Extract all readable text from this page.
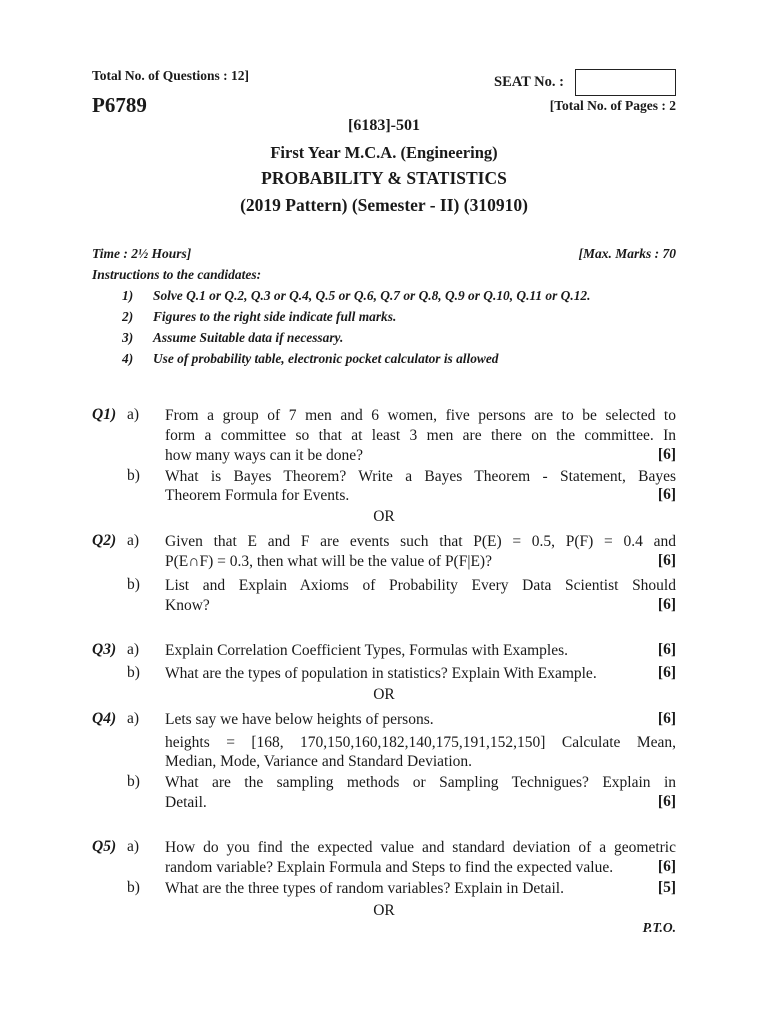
Total No. of Questions : 12]	SEAT No. :
P6789	[Total No. of Pages : 2
[6183]-501
First Year M.C.A. (Engineering)
PROBABILITY & STATISTICS
(2019 Pattern) (Semester - II) (310910)
Time : 2½ Hours]	[Max. Marks : 70
Instructions to the candidates:
1) Solve Q.1 or Q.2, Q.3 or Q.4, Q.5 or Q.6, Q.7 or Q.8, Q.9 or Q.10, Q.11 or Q.12.
2) Figures to the right side indicate full marks.
3) Assume Suitable data if necessary.
4) Use of probability table, electronic pocket calculator is allowed
Q1) a) From a group of 7 men and 6 women, five persons are to be selected to
form a committee so that at least 3 men are there on the committee. In
how many ways can it be done?	[6]
b) What is Bayes Theorem? Write a Bayes Theorem - Statement, Bayes
Theorem Formula for Events.	[6]
OR
Q2) a) Given that E and F are events such that P(E) = 0.5, P(F) = 0.4 and
P(E∩F) = 0.3, then what will be the value of P(F|E)?	[6]
b) List and Explain Axioms of Probability Every Data Scientist Should
Know?	[6]
Q3) a) Explain Correlation Coefficient Types, Formulas with Examples.	[6]
b) What are the types of population in statistics? Explain With Example.	[6]
OR
Q4) a) Lets say we have below heights of persons.	[6]
heights = [168, 170,150,160,182,140,175,191,152,150] Calculate Mean,
Median, Mode, Variance and Standard Deviation.
b) What are the sampling methods or Sampling Technigues? Explain in
Detail.	[6]
Q5) a) How do you find the expected value and standard deviation of a geometric
random variable? Explain Formula and Steps to find the expected value.	[6]
b) What are the three types of random variables? Explain in Detail.	[5]
OR
P.T.O.
